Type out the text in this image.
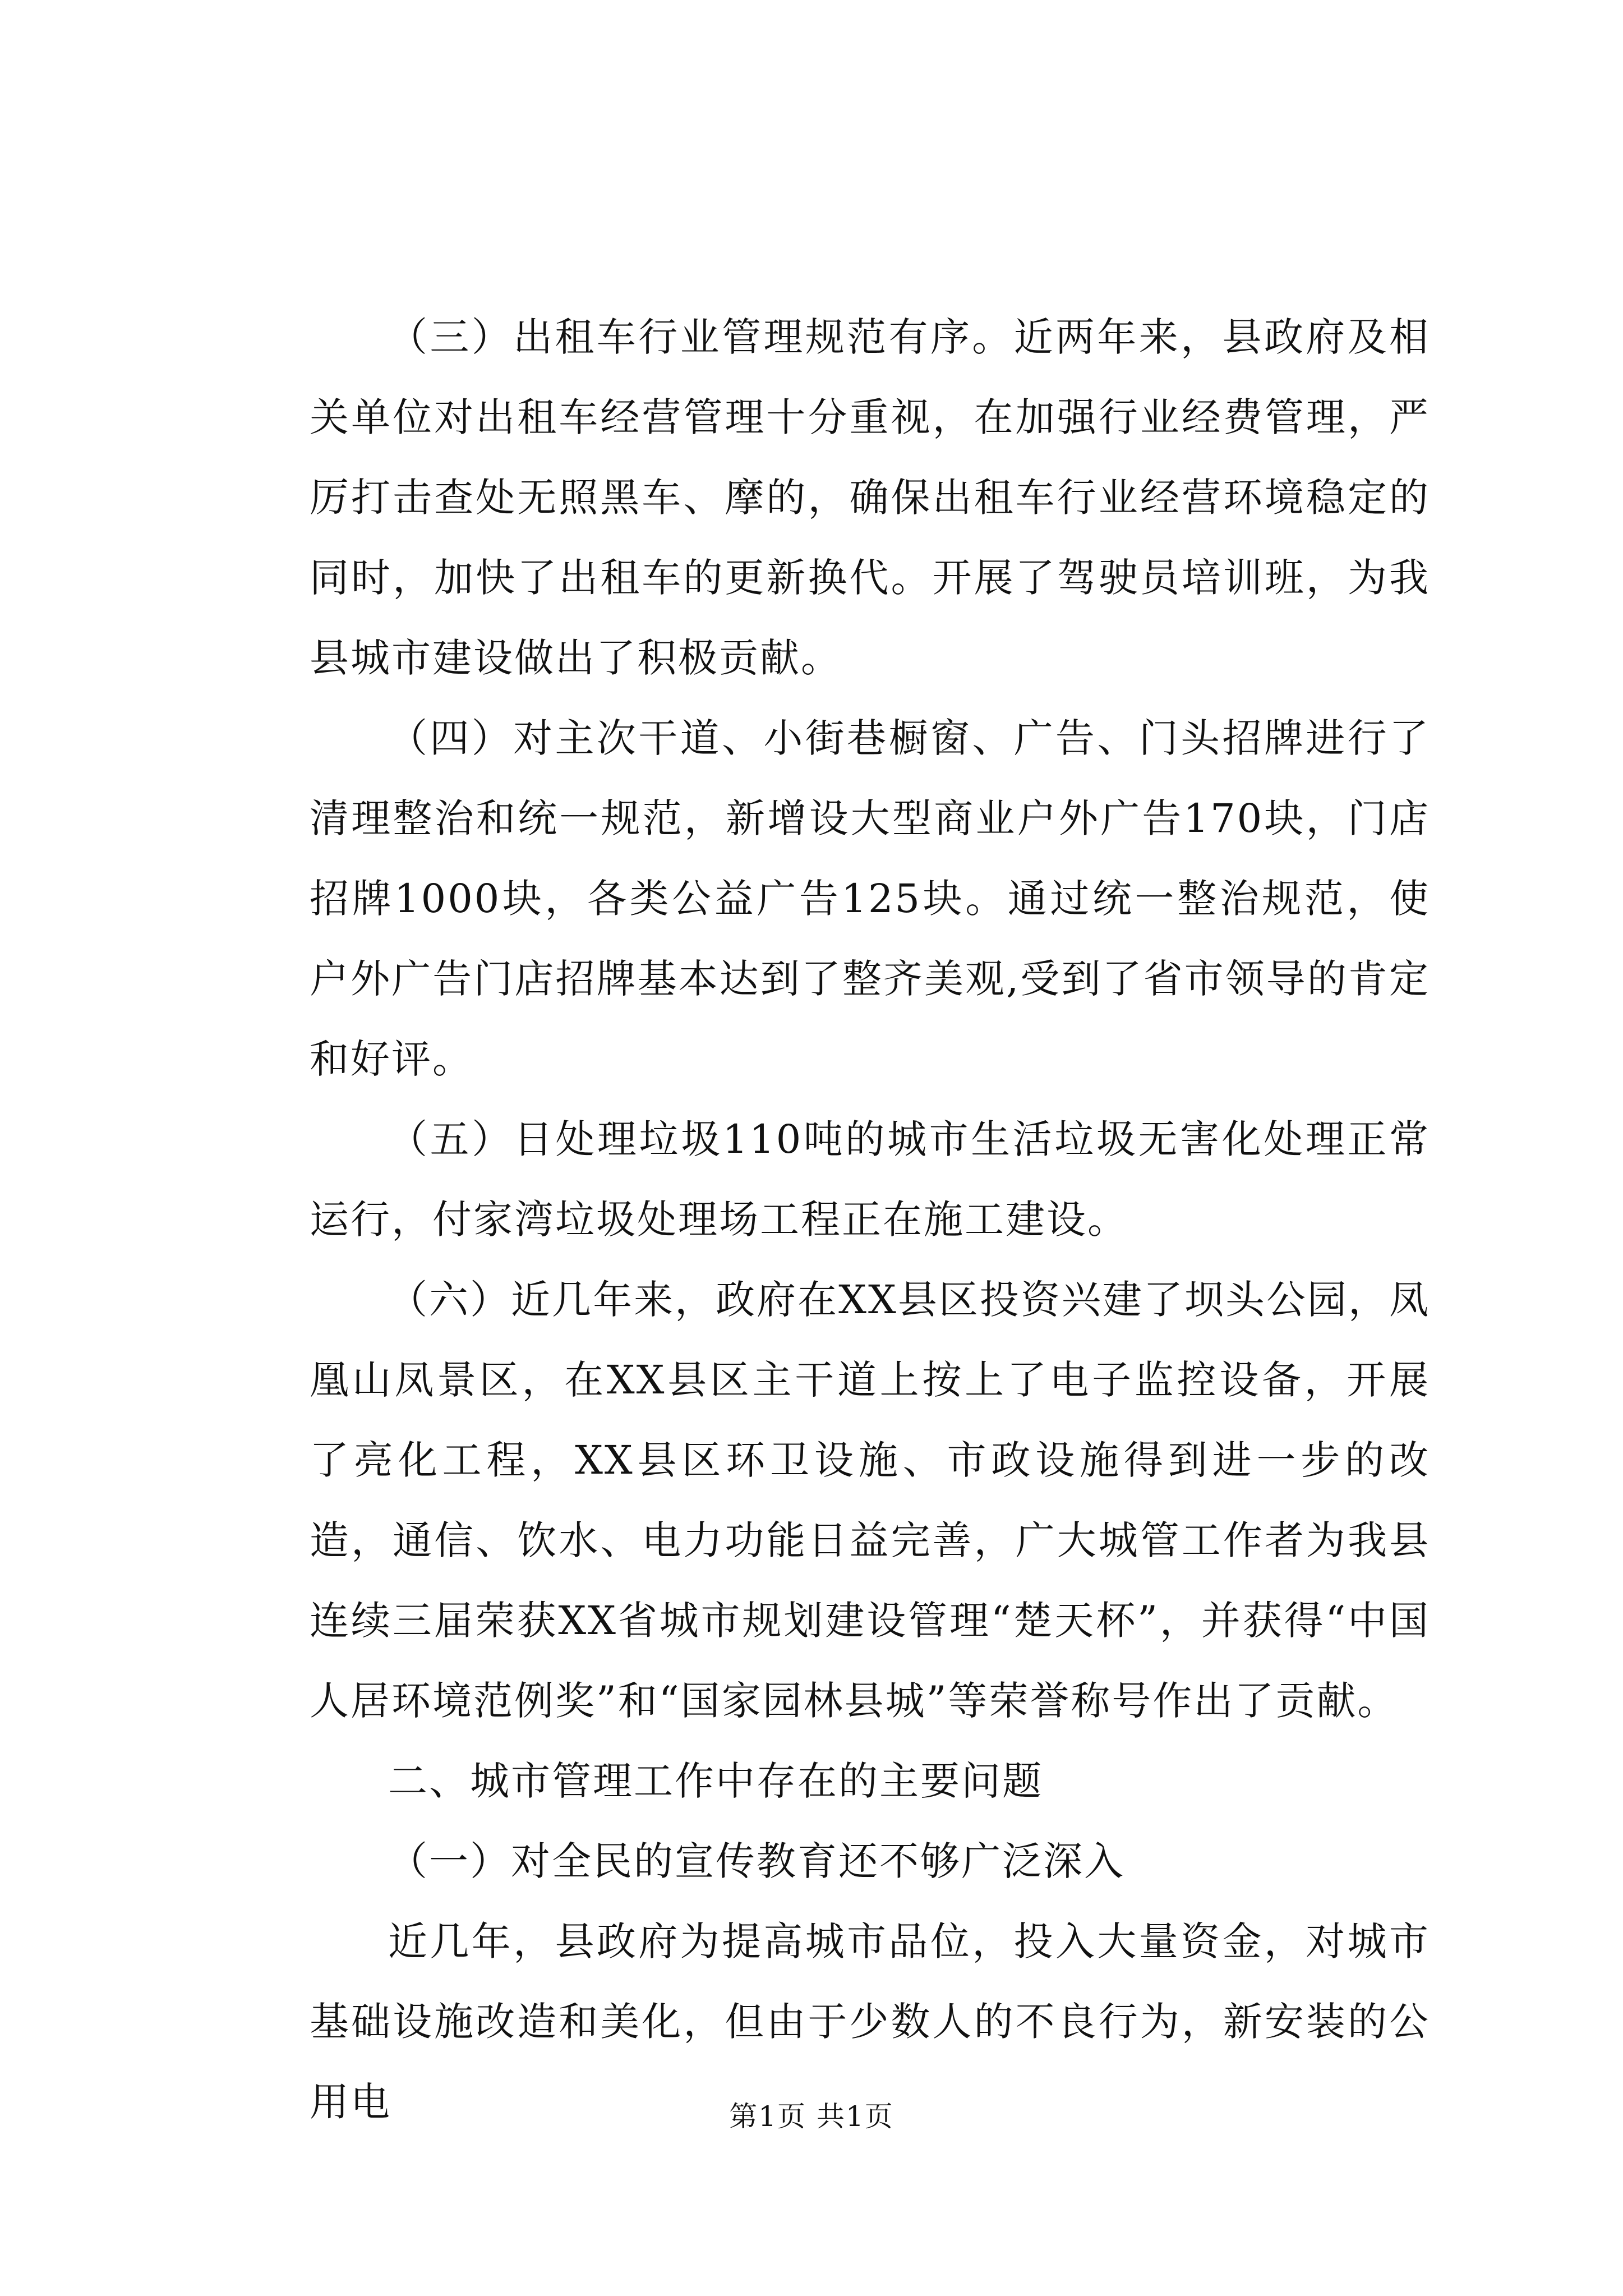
（三）出租车行业管理规范有序。近两年来，县政府及相关单位对出租车经营管理十分重视，在加强行业经费管理，严厉打击查处无照黑车、摩的，确保出租车行业经营环境稳定的同时，加快了出租车的更新换代。开展了驾驶员培训班，为我县城市建设做出了积极贡献。

（四）对主次干道、小街巷橱窗、广告、门头招牌进行了清理整治和统一规范，新增设大型商业户外广告170块，门店招牌1000块，各类公益广告125块。通过统一整治规范，使户外广告门店招牌基本达到了整齐美观,受到了省市领导的肯定和好评。

（五）日处理垃圾110吨的城市生活垃圾无害化处理正常运行，付家湾垃圾处理场工程正在施工建设。

（六）近几年来，政府在XX县区投资兴建了坝头公园，凤凰山凤景区，在XX县区主干道上按上了电子监控设备，开展了亮化工程，XX县区环卫设施、市政设施得到进一步的改造，通信、饮水、电力功能日益完善，广大城管工作者为我县连续三届荣获XX省城市规划建设管理“楚天杯”，并获得“中国人居环境范例奖”和“国家园林县城”等荣誉称号作出了贡献。

二、城市管理工作中存在的主要问题

（一）对全民的宣传教育还不够广泛深入

近几年，县政府为提高城市品位，投入大量资金，对城市基础设施改造和美化，但由于少数人的不良行为，新安装的公用电	第1页 共1页
